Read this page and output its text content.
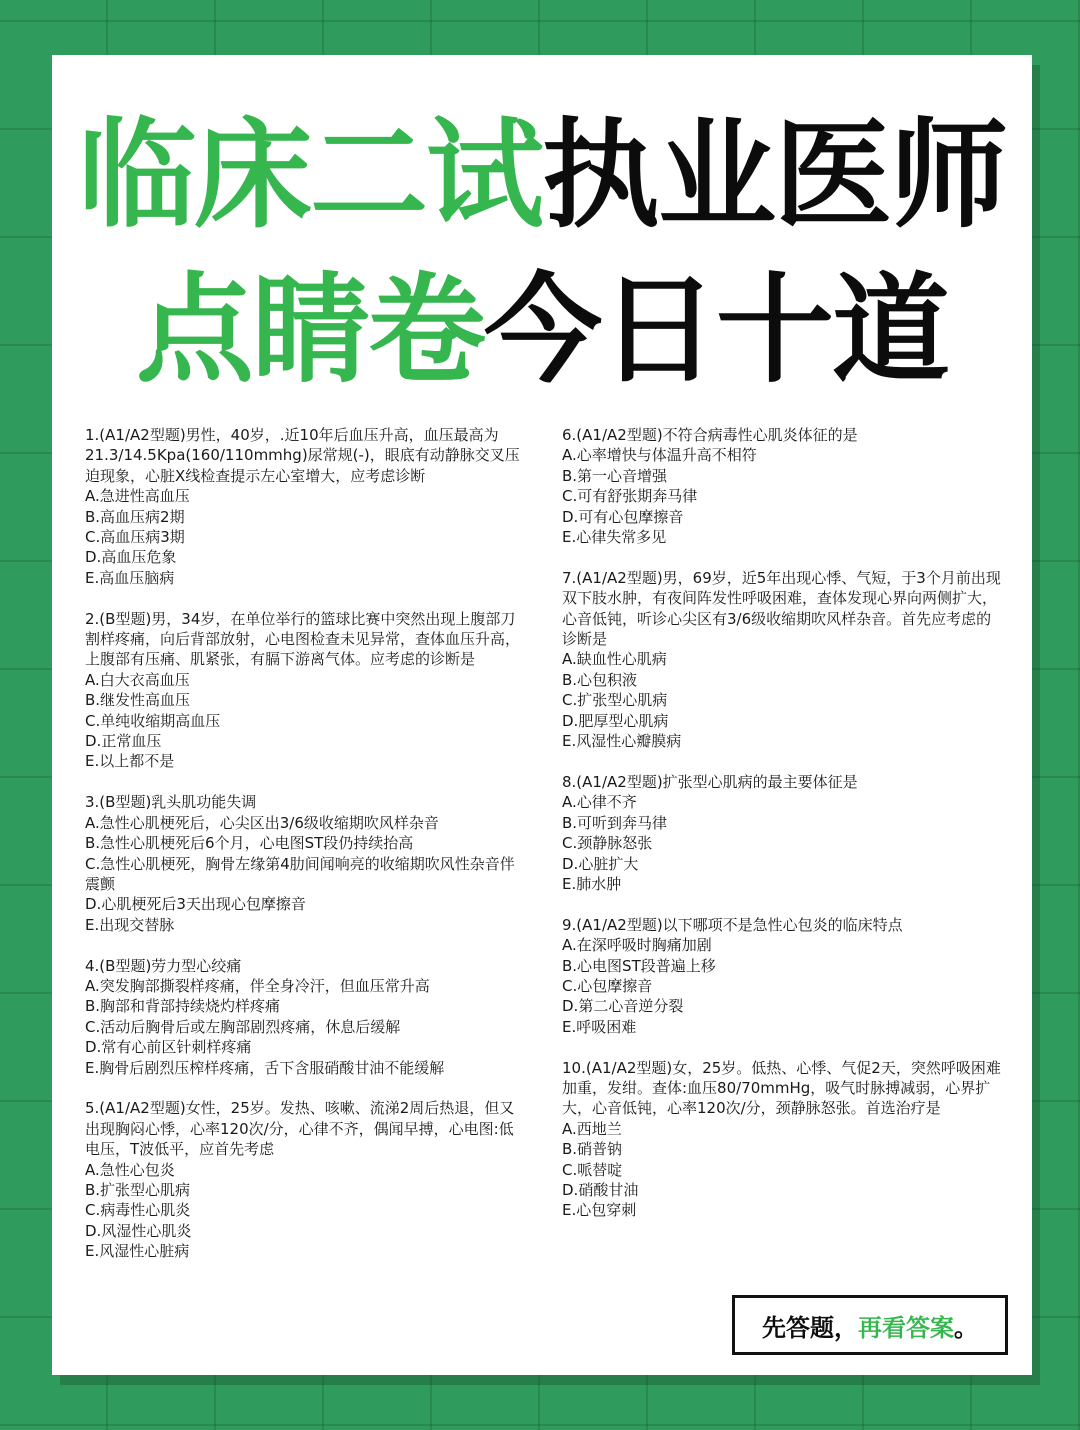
临床二试执业医师
点睛卷今日十道

1.(A1/A2型题)男性，40岁，.近10年后血压升高，血压最高为21.3/14.5Kpa(160/110mmhg)尿常规(-)，眼底有动静脉交叉压迫现象，心脏X线检查提示左心室增大，应考虑诊断

A.急进性高血压

B.高血压病2期

C.高血压病3期

D.高血压危象

E.高血压脑病

2.(B型题)男，34岁，在单位举行的篮球比赛中突然出现上腹部刀割样疼痛，向后背部放射，心电图检查未见异常，查体血压升高，上腹部有压痛、肌紧张，有膈下游离气体。应考虑的诊断是

A.白大衣高血压

B.继发性高血压

C.单纯收缩期高血压

D.正常血压

E.以上都不是

3.(B型题)乳头肌功能失调

A.急性心肌梗死后，心尖区出3/6级收缩期吹风样杂音

B.急性心肌梗死后6个月，心电图ST段仍持续抬高

C.急性心肌梗死，胸骨左缘第4肋间闻响亮的收缩期吹风性杂音伴震颤

D.心肌梗死后3天出现心包摩擦音

E.出现交替脉

4.(B型题)劳力型心绞痛

A.突发胸部撕裂样疼痛，伴全身冷汗，但血压常升高

B.胸部和背部持续烧灼样疼痛

C.活动后胸骨后或左胸部剧烈疼痛，休息后缓解

D.常有心前区针刺样疼痛

E.胸骨后剧烈压榨样疼痛，舌下含服硝酸甘油不能缓解

5.(A1/A2型题)女性，25岁。发热、咳嗽、流涕2周后热退，但又出现胸闷心悸，心率120次/分，心律不齐，偶闻早搏，心电图:低电压，T波低平，应首先考虑

A.急性心包炎

B.扩张型心肌病

C.病毒性心肌炎

D.风湿性心肌炎

E.风湿性心脏病

6.(A1/A2型题)不符合病毒性心肌炎体征的是

A.心率增快与体温升高不相符

B.第一心音增强

C.可有舒张期奔马律

D.可有心包摩擦音

E.心律失常多见

7.(A1/A2型题)男，69岁，近5年出现心悸、气短，于3个月前出现双下肢水肿，有夜间阵发性呼吸困难，查体发现心界向两侧扩大，心音低钝，听诊心尖区有3/6级收缩期吹风样杂音。首先应考虑的诊断是

A.缺血性心肌病

B.心包积液

C.扩张型心肌病

D.肥厚型心肌病

E.风湿性心瓣膜病

8.(A1/A2型题)扩张型心肌病的最主要体征是

A.心律不齐

B.可听到奔马律

C.颈静脉怒张

D.心脏扩大

E.肺水肿

9.(A1/A2型题)以下哪项不是急性心包炎的临床特点

A.在深呼吸时胸痛加剧

B.心电图ST段普遍上移

C.心包摩擦音

D.第二心音逆分裂

E.呼吸困难

10.(A1/A2型题)女，25岁。低热、心悸、气促2天，突然呼吸困难加重，发绀。查体:血压80/70mmHg，吸气时脉搏减弱，心界扩大，心音低钝，心率120次/分，颈静脉怒张。首选治疗是

A.西地兰

B.硝普钠

C.哌替啶

D.硝酸甘油

E.心包穿刺

先答题， 再看答案 。
